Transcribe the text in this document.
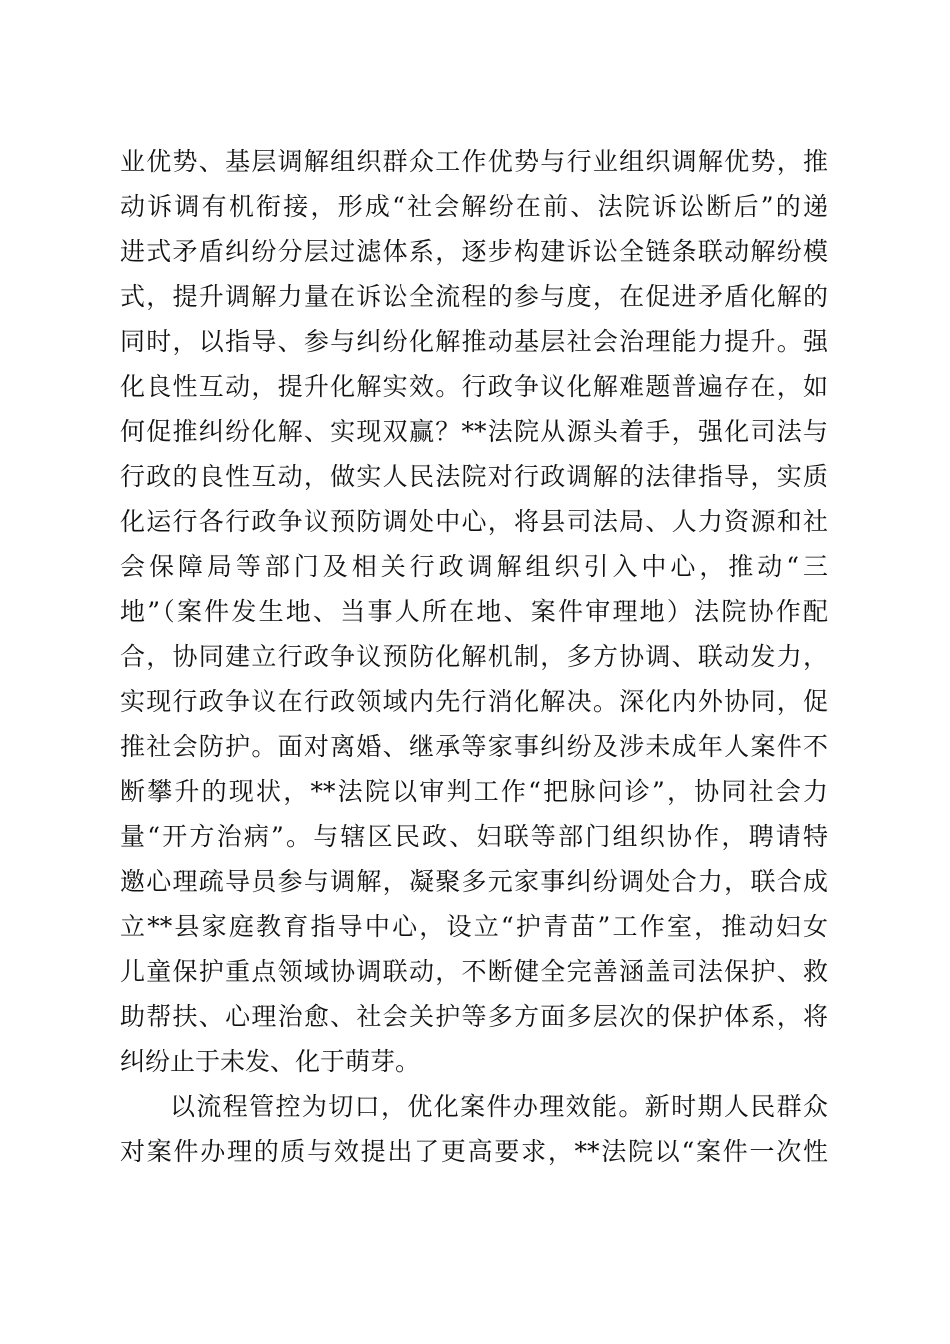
业优势、基层调解组织群众工作优势与行业组织调解优势，推
动诉调有机衔接，形成“社会解纷在前、法院诉讼断后”的递
进式矛盾纠纷分层过滤体系，逐步构建诉讼全链条联动解纷模
式，提升调解力量在诉讼全流程的参与度，在促进矛盾化解的
同时，以指导、参与纠纷化解推动基层社会治理能力提升。强
化良性互动，提升化解实效。行政争议化解难题普遍存在，如
何促推纠纷化解、实现双赢？**法院从源头着手，强化司法与
行政的良性互动，做实人民法院对行政调解的法律指导，实质
化运行各行政争议预防调处中心，将县司法局、人力资源和社
会保障局等部门及相关行政调解组织引入中心，推动“三
地”（案件发生地、当事人所在地、案件审理地）法院协作配
合，协同建立行政争议预防化解机制，多方协调、联动发力，
实现行政争议在行政领域内先行消化解决。深化内外协同，促
推社会防护。面对离婚、继承等家事纠纷及涉未成年人案件不
断攀升的现状，**法院以审判工作“把脉问诊”，协同社会力
量“开方治病”。与辖区民政、妇联等部门组织协作，聘请特
邀心理疏导员参与调解，凝聚多元家事纠纷调处合力，联合成
立**县家庭教育指导中心，设立“护青苗”工作室，推动妇女
儿童保护重点领域协调联动，不断健全完善涵盖司法保护、救
助帮扶、心理治愈、社会关护等多方面多层次的保护体系，将
纠纷止于未发、化于萌芽。
以流程管控为切口，优化案件办理效能。新时期人民群众
对案件办理的质与效提出了更高要求，**法院以“案件一次性
